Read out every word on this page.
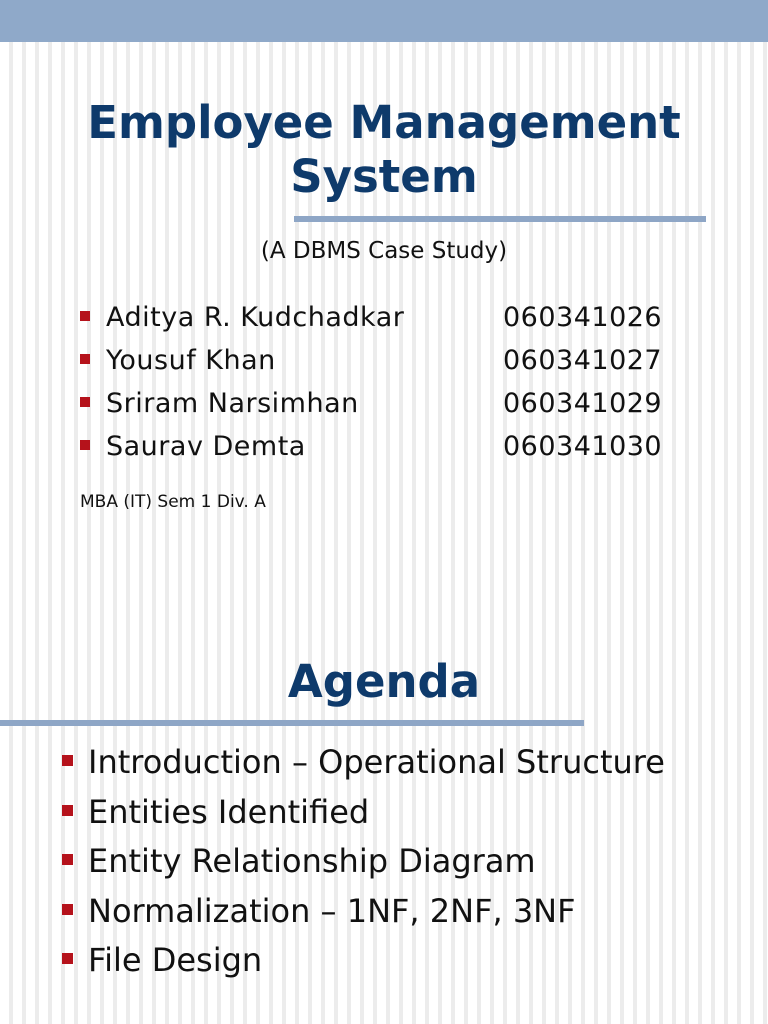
Employee Management
System
(A DBMS Case Study)
Aditya R. Kudchadkar	060341026
Yousuf Khan	060341027
Sriram Narsimhan	060341029
Saurav Demta	060341030
MBA (IT) Sem 1 Div. A
Agenda
Introduction – Operational Structure
Entities Identified
Entity Relationship Diagram
Normalization – 1NF, 2NF, 3NF
File Design
